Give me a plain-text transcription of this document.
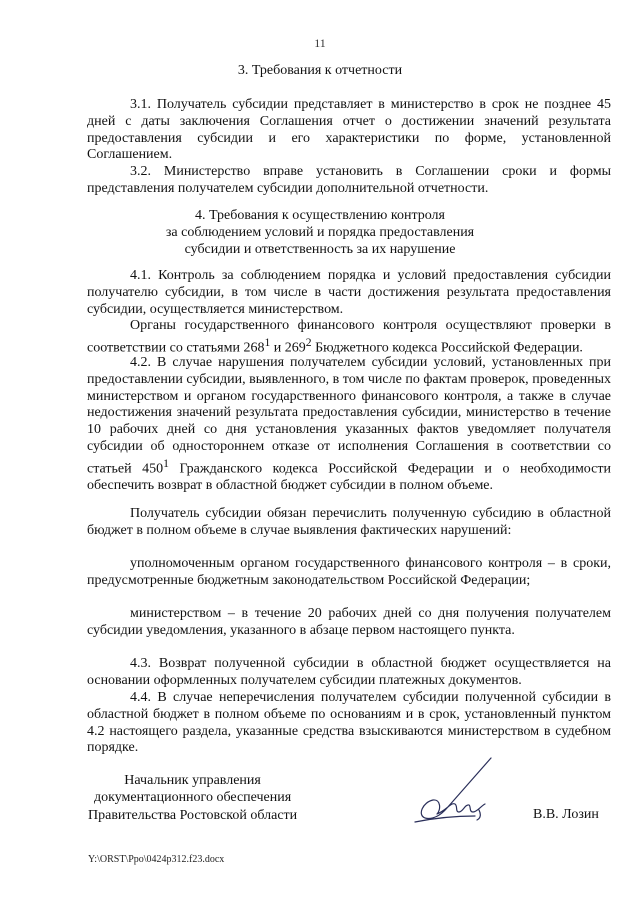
11
3. Требования к отчетности
3.1. Получатель субсидии представляет в министерство в срок не позднее 45 дней с даты заключения Соглашения отчет о достижении значений результата предоставления субсидии и его характеристики по форме, установленной Соглашением.
3.2. Министерство вправе установить в Соглашении сроки и формы представления получателем субсидии дополнительной отчетности.
4. Требования к осуществлению контроля
за соблюдением условий и порядка предоставления
субсидии и ответственность за их нарушение
4.1. Контроль за соблюдением порядка и условий предоставления субсидии получателю субсидии, в том числе в части достижения результата предоставления субсидии, осуществляется министерством.
Органы государственного финансового контроля осуществляют проверки в соответствии со статьями $268^1$ и $269^2$ Бюджетного кодекса Российской Федерации.
4.2. В случае нарушения получателем субсидии условий, установленных при предоставлении субсидии, выявленного, в том числе по фактам проверок, проведенных министерством и органом государственного финансового контроля, а также в случае недостижения значений результата предоставления субсидии, министерство в течение 10 рабочих дней со дня установления указанных фактов уведомляет получателя субсидии об одностороннем отказе от исполнения Соглашения в соответствии со статьей $450^1$ Гражданского кодекса Российской Федерации и о необходимости обеспечить возврат в областной бюджет субсидии в полном объеме.
Получатель субсидии обязан перечислить полученную субсидию в областной бюджет в полном объеме в случае выявления фактических нарушений:
уполномоченным органом государственного финансового контроля – в сроки, предусмотренные бюджетным законодательством Российской Федерации;
министерством – в течение 20 рабочих дней со дня получения получателем субсидии уведомления, указанного в абзаце первом настоящего пункта.
4.3. Возврат полученной субсидии в областной бюджет осуществляется на основании оформленных получателем субсидии платежных документов.
4.4. В случае неперечисления получателем субсидии полученной субсидии в областной бюджет в полном объеме по основаниям и в срок, установленный пунктом 4.2 настоящего раздела, указанные средства взыскиваются министерством в судебном порядке.
Начальник управления
документационного обеспечения
Правительства Ростовской области	В.В. Лозин
Y:\ORST\Ppo\0424p312.f23.docx
